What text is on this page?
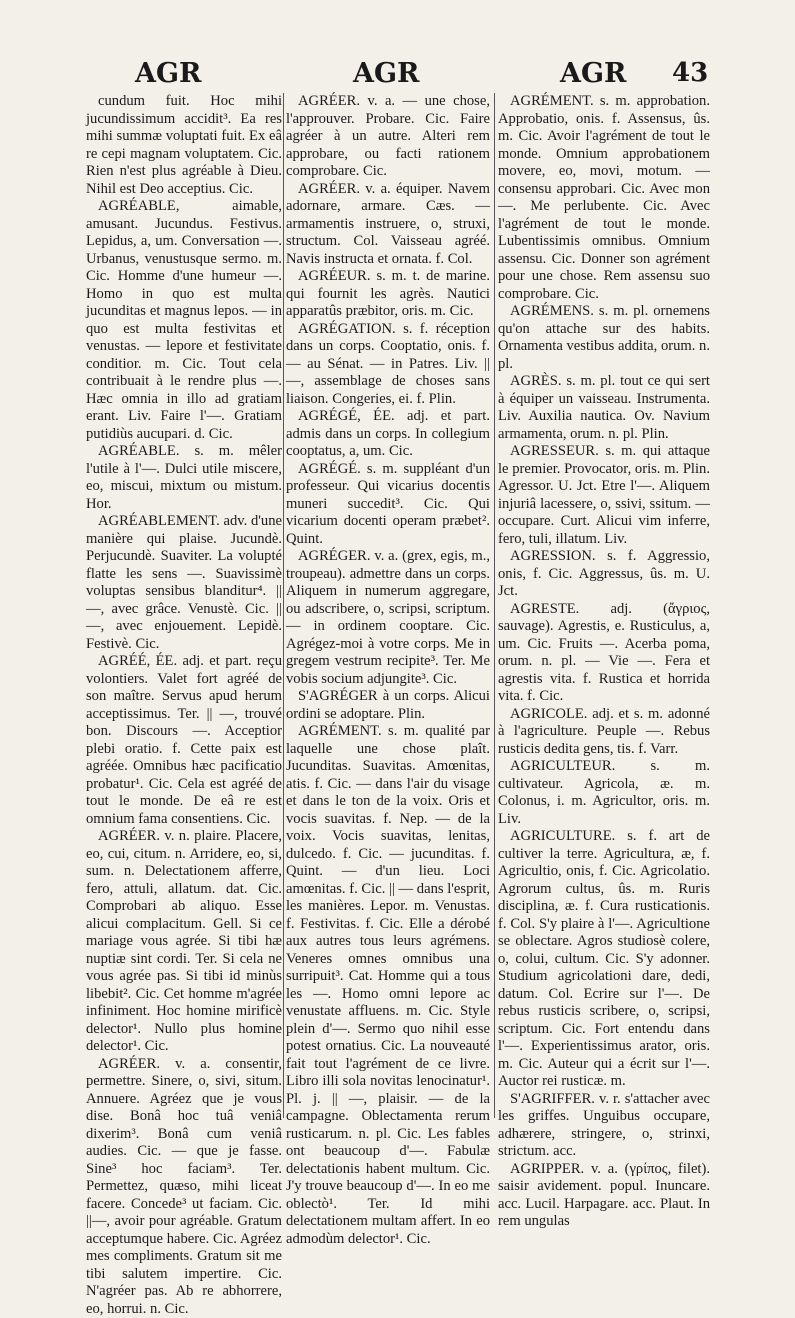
AGR	AGR	AGR 43

cundum fuit. Hoc mihi jucundissimum accidit³. Ea res mihi summæ voluptati fuit. Ex eâ re cepi magnam voluptatem. Cic. Rien n'est plus agréable à Dieu. Nihil est Deo acceptius. Cic.

AGRÉABLE, aimable, amusant. Jucundus. Festivus. Lepidus, a, um. Conversation —. Urbanus, venustusque sermo. m. Cic. Homme d'une humeur —. Homo in quo est multa jucunditas et magnus lepos. — in quo est multa festivitas et venustas. — lepore et festivitate conditior. m. Cic. Tout cela contribuait à le rendre plus —. Hæc omnia in illo ad gratiam erant. Liv. Faire l'—. Gratiam putidiùs aucupari. d. Cic.

AGRÉABLE. s. m. mêler l'utile à l'—. Dulci utile miscere, eo, miscui, mixtum ou mistum. Hor.

AGRÉABLEMENT. adv. d'une manière qui plaise. Jucundè. Perjucundè. Suaviter. La volupté flatte les sens —. Suavissimè voluptas sensibus blanditur⁴. || —, avec grâce. Venustè. Cic. || —, avec enjouement. Lepidè. Festivè. Cic.

AGRÉÉ, ÉE. adj. et part. reçu volontiers. Valet fort agréé de son maître. Servus apud herum acceptissimus. Ter. || —, trouvé bon. Discours —. Acceptior plebi oratio. f. Cette paix est agréée. Omnibus hæc pacificatio probatur¹. Cic. Cela est agréé de tout le monde. De eâ re est omnium fama consentiens. Cic.

AGRÉER. v. n. plaire. Placere, eo, cui, citum. n. Arridere, eo, si, sum. n. Delectationem afferre, fero, attuli, allatum. dat. Cic. Comprobari ab aliquo. Esse alicui complacitum. Gell. Si ce mariage vous agrée. Si tibi hæ nuptiæ sint cordi. Ter. Si cela ne vous agrée pas. Si tibi id minùs libebit². Cic. Cet homme m'agrée infiniment. Hoc homine mirificè delector¹. Nullo plus homine delector¹. Cic.

AGRÉER. v. a. consentir, permettre. Sinere, o, sivi, situm. Annuere. Agréez que je vous dise. Bonâ hoc tuâ veniâ dixerim³. Bonâ cum veniâ audies. Cic. — que je fasse. Sine³ hoc faciam³. Ter. Permettez, quæso, mihi liceat facere. Concede³ ut faciam. Cic. ||—, avoir pour agréable. Gratum acceptumque habere. Cic. Agréez mes compliments. Gratum sit me tibi salutem impertire. Cic. N'agréer pas. Ab re abhorrere, eo, horrui. n. Cic.

AGRÉER. v. a. — une chose, l'approuver. Probare. Cic. Faire agréer à un autre. Alteri rem approbare, ou facti rationem comprobare. Cic.

AGRÉER. v. a. équiper. Navem adornare, armare. Cæs. — armamentis instruere, o, struxi, structum. Col. Vaisseau agréé. Navis instructa et ornata. f. Col.

AGRÉEUR. s. m. t. de marine. qui fournit les agrès. Nautici apparatûs præbitor, oris. m. Cic.

AGRÉGATION. s. f. réception dans un corps. Cooptatio, onis. f. — au Sénat. — in Patres. Liv. || —, assemblage de choses sans liaison. Congeries, ei. f. Plin.

AGRÉGÉ, ÉE. adj. et part. admis dans un corps. In collegium cooptatus, a, um. Cic.

AGRÉGÉ. s. m. suppléant d'un professeur. Qui vicarius docentis muneri succedit³. Cic. Qui vicarium docenti operam præbet². Quint.

AGRÉGER. v. a. (grex, egis, m., troupeau). admettre dans un corps. Aliquem in numerum aggregare, ou adscribere, o, scripsi, scriptum. — in ordinem cooptare. Cic. Agrégez-moi à votre corps. Me in gregem vestrum recipite³. Ter. Me vobis socium adjungite³. Cic.

S'AGRÉGER à un corps. Alicui ordini se adoptare. Plin.

AGRÉMENT. s. m. qualité par laquelle une chose plaît. Jucunditas. Suavitas. Amœnitas, atis. f. Cic. — dans l'air du visage et dans le ton de la voix. Oris et vocis suavitas. f. Nep. — de la voix. Vocis suavitas, lenitas, dulcedo. f. Cic. — jucunditas. f. Quint. — d'un lieu. Loci amœnitas. f. Cic. || — dans l'esprit, les manières. Lepor. m. Venustas. f. Festivitas. f. Cic. Elle a dérobé aux autres tous leurs agrémens. Veneres omnes omnibus una surripuit³. Cat. Homme qui a tous les —. Homo omni lepore ac venustate affluens. m. Cic. Style plein d'—. Sermo quo nihil esse potest ornatius. Cic. La nouveauté fait tout l'agrément de ce livre. Libro illi sola novitas lenocinatur¹. Pl. j. || —, plaisir. — de la campagne. Oblectamenta rerum rusticarum. n. pl. Cic. Les fables ont beaucoup d'—. Fabulæ delectationis habent multum. Cic. J'y trouve beaucoup d'—. In eo me oblectò¹. Ter. Id mihi delectationem multam affert. In eo admodùm delector¹. Cic.

AGRÉMENT. s. m. approbation. Approbatio, onis. f. Assensus, ûs. m. Cic. Avoir l'agrément de tout le monde. Omnium approbationem movere, eo, movi, motum. — consensu approbari. Cic. Avec mon —. Me perlubente. Cic. Avec l'agrément de tout le monde. Lubentissimis omnibus. Omnium assensu. Cic. Donner son agrément pour une chose. Rem assensu suo comprobare. Cic.

AGRÉMENS. s. m. pl. ornemens qu'on attache sur des habits. Ornamenta vestibus addita, orum. n. pl.

AGRÈS. s. m. pl. tout ce qui sert à équiper un vaisseau. Instrumenta. Liv. Auxilia nautica. Ov. Navium armamenta, orum. n. pl. Plin.

AGRESSEUR. s. m. qui attaque le premier. Provocator, oris. m. Plin. Agressor. U. Jct. Etre l'—. Aliquem injuriâ lacessere, o, ssivi, ssitum. — occupare. Curt. Alicui vim inferre, fero, tuli, illatum. Liv.

AGRESSION. s. f. Aggressio, onis, f. Cic. Aggressus, ûs. m. U. Jct.

AGRESTE. adj. (ἄγριος, sauvage). Agrestis, e. Rusticulus, a, um. Cic. Fruits —. Acerba poma, orum. n. pl. — Vie —. Fera et agrestis vita. f. Rustica et horrida vita. f. Cic.

AGRICOLE. adj. et s. m. adonné à l'agriculture. Peuple —. Rebus rusticis dedita gens, tis. f. Varr.

AGRICULTEUR. s. m. cultivateur. Agricola, æ. m. Colonus, i. m. Agricultor, oris. m. Liv.

AGRICULTURE. s. f. art de cultiver la terre. Agricultura, æ, f. Agricultio, onis, f. Cic. Agricolatio. Agrorum cultus, ûs. m. Ruris disciplina, æ. f. Cura rusticationis. f. Col. S'y plaire à l'—. Agricultione se oblectare. Agros studiosè colere, o, colui, cultum. Cic. S'y adonner. Studium agricolationi dare, dedi, datum. Col. Ecrire sur l'—. De rebus rusticis scribere, o, scripsi, scriptum. Cic. Fort entendu dans l'—. Experientissimus arator, oris. m. Cic. Auteur qui a écrit sur l'—. Auctor rei rusticæ. m.

S'AGRIFFER. v. r. s'attacher avec les griffes. Unguibus occupare, adhærere, stringere, o, strinxi, strictum. acc.

AGRIPPER. v. a. (γρίπος, filet). saisir avidement. popul. Inuncare. acc. Lucil. Harpagare. acc. Plaut. In rem ungulas
